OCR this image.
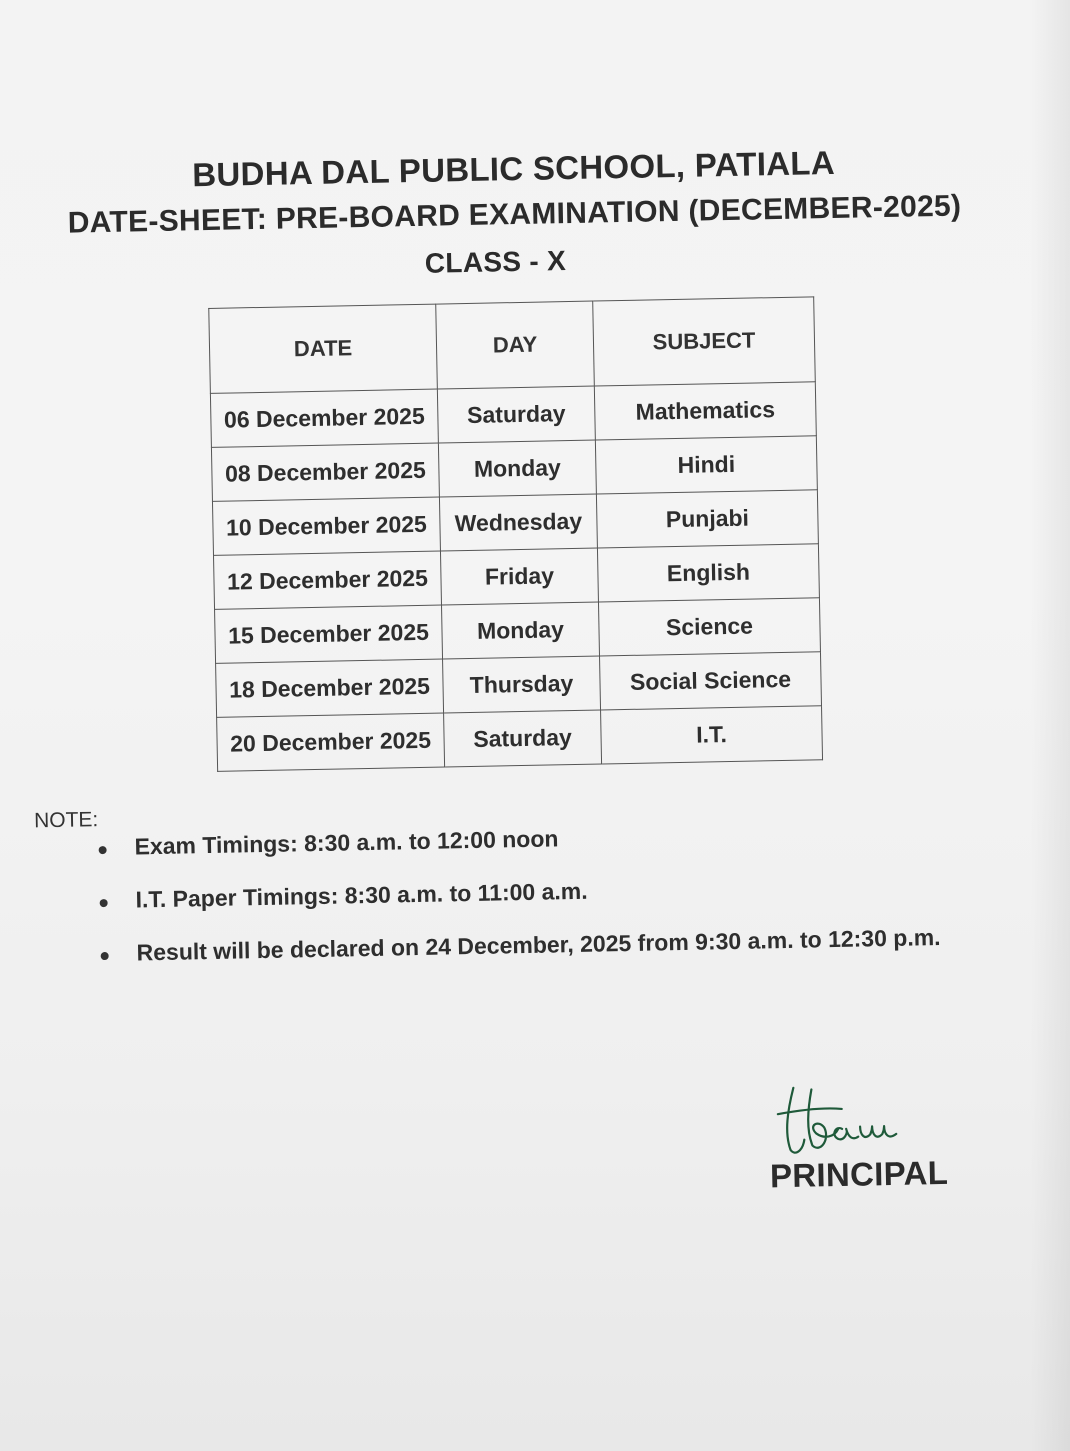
BUDHA DAL PUBLIC SCHOOL, PATIALA
DATE-SHEET: PRE-BOARD EXAMINATION (DECEMBER-2025)
CLASS - X
DATE	DAY	SUBJECT
06 December 2025	Saturday	Mathematics
08 December 2025	Monday	Hindi
10 December 2025	Wednesday	Punjabi
12 December 2025	Friday	English
15 December 2025	Monday	Science
18 December 2025	Thursday	Social Science
20 December 2025	Saturday	I.T.
NOTE:
Exam Timings: 8:30 a.m. to 12:00 noon
I.T. Paper Timings: 8:30 a.m. to 11:00 a.m.
Result will be declared on 24 December, 2025 from 9:30 a.m. to 12:30 p.m.
PRINCIPAL
